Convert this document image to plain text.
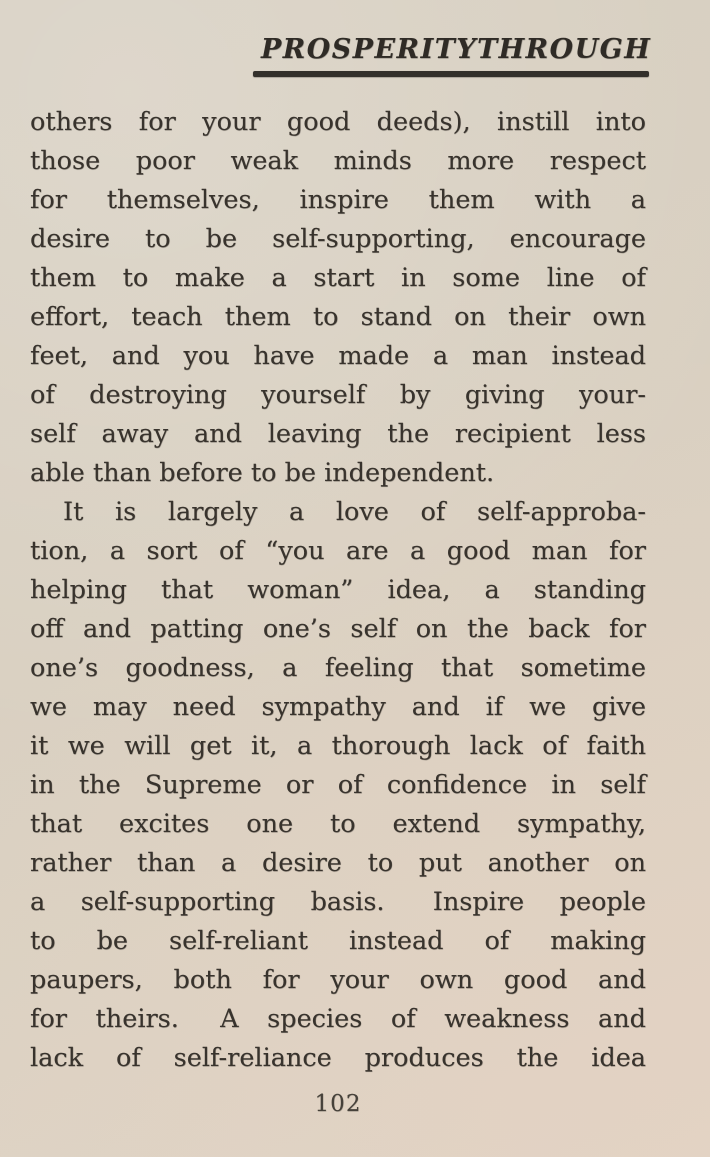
PROSPERITY THROUGH
others for your good deeds), instill into
those poor weak minds more respect
for themselves, inspire them with a
desire to be self-supporting, encourage
them to make a start in some line of
effort, teach them to stand on their own
feet, and you have made a man instead
of destroying yourself by giving your-
self away and leaving the recipient less
able than before to be independent.
It is largely a love of self-approba-
tion, a sort of “you are a good man for
helping that woman” idea, a standing
off and patting one’s self on the back for
one’s goodness, a feeling that sometime
we may need sympathy and if we give
it we will get it, a thorough lack of faith
in the Supreme or of confidence in self
that excites one to extend sympathy,
rather than a desire to put another on
a self-supporting basis.  Inspire people
to be self-reliant instead of making
paupers, both for your own good and
for theirs.  A species of weakness and
lack of self-reliance produces the idea
102
